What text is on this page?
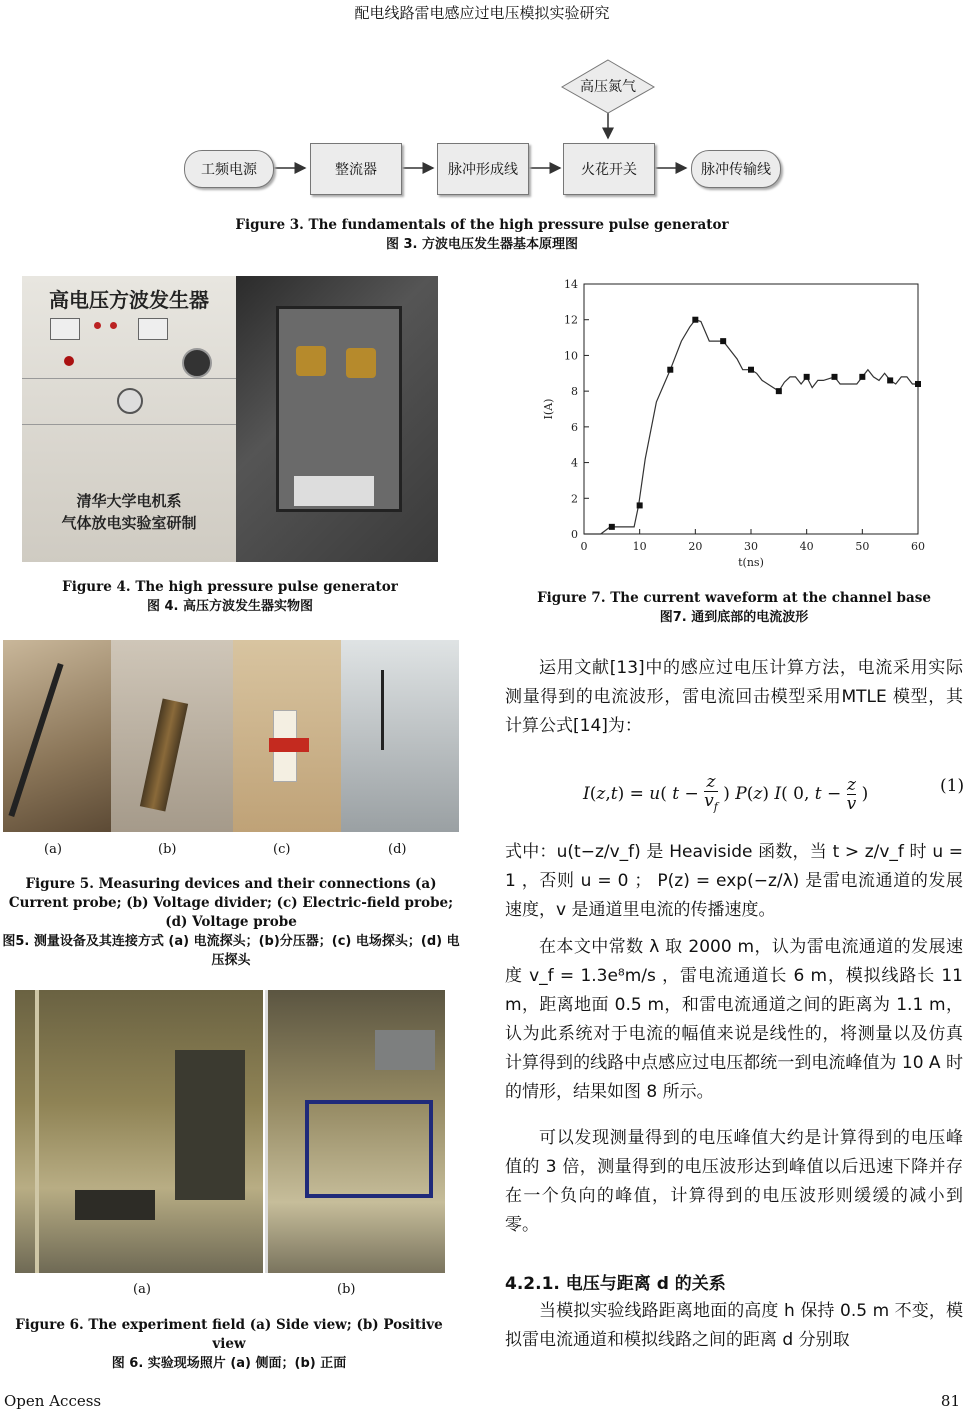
配电线路雷电感应过电压模拟实验研究
高压氮气
工频电源	整流器	脉冲形成线	火花开关	脉冲传输线
Figure 3. The fundamentals of the high pressure pulse generator
图 3. 方波电压发生器基本原理图
高电压方波发生器
清华大学电机系
气体放电实验室研制
Figure 4. The high pressure pulse generator
图 4. 高压方波发生器实物图
0
2
4
6
8
10
12
14
0	10	20	30	40	50	60
t(ns)
I(A)
Figure 7. The current waveform at the channel base
图7. 通到底部的电流波形
(a)	(b)	(c)	(d)
Figure 5. Measuring devices and their connections (a) Current probe; (b) Voltage divider; (c) Electric-field probe; (d) Voltage probe
图5. 测量设备及其连接方式 (a) 电流探头；(b)分压器；(c) 电场探头；(d) 电压探头
(a)	(b)
Figure 6. The experiment field (a) Side view; (b) Positive view
图 6. 实验现场照片 (a) 侧面；(b) 正面

运用文献[13]中的感应过电压计算方法，电流采用实际测量得到的电流波形，雷电流回击模型采用MTLE 模型，其计算公式[14]为：

I(z,t) = u( $t - \frac{z}{v_f}$ ) P(z) I( 0, $t - \frac{z}{v}$ )	(1)

式中：u(t−z/v_f) 是 Heaviside 函数，当 t > z/v_f 时 u = 1 ，否则 u = 0 ； P(z) = exp(−z/λ) 是雷电流通道的发展速度，v 是通道里电流的传播速度。

在本文中常数 λ 取 2000 m，认为雷电流通道的发展速度 v_f = 1.3e⁸m/s ，雷电流通道长 6 m，模拟线路长 11 m，距离地面 0.5 m，和雷电流通道之间的距离为 1.1 m，认为此系统对于电流的幅值来说是线性的，将测量以及仿真计算得到的线路中点感应过电压都统一到电流峰值为 10 A 时的情形，结果如图 8 所示。

可以发现测量得到的电压峰值大约是计算得到的电压峰值的 3 倍，测量得到的电压波形达到峰值以后迅速下降并存在一个负向的峰值，计算得到的电压波形则缓缓的减小到零。

4.2.1. 电压与距离 d 的关系

当模拟实验线路距离地面的高度 h 保持 0.5 m 不变，模拟雷电流通道和模拟线路之间的距离 d 分别取

Open Access	81
